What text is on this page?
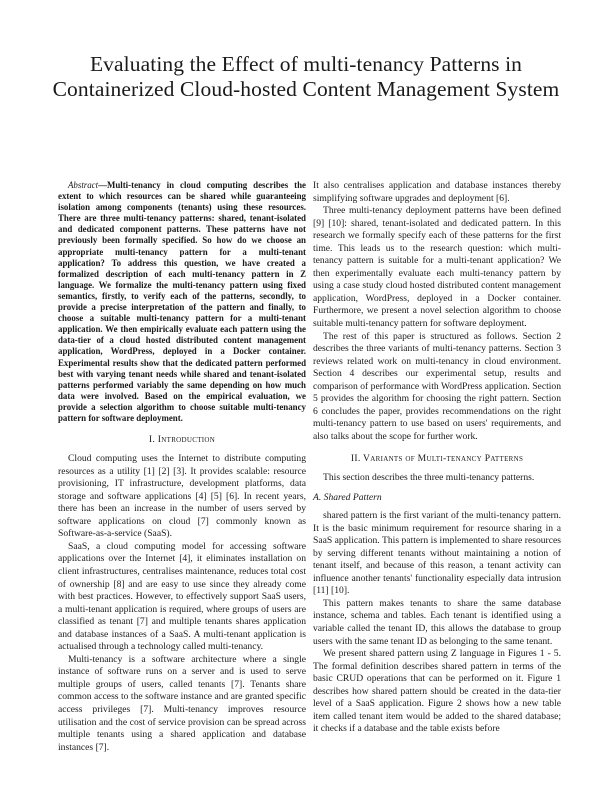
Evaluating the Effect of multi-tenancy Patterns in Containerized Cloud-hosted Content Management System

Abstract—Multi-tenancy in cloud computing describes the extent to which resources can be shared while guaranteeing isolation among components (tenants) using these resources. There are three multi-tenancy patterns: shared, tenant-isolated and dedicated component patterns. These patterns have not previously been formally specified. So how do we choose an appropriate multi-tenancy pattern for a multi-tenant application? To address this question, we have created a formalized description of each multi-tenancy pattern in Z language. We formalize the multi-tenancy pattern using fixed semantics, firstly, to verify each of the patterns, secondly, to provide a precise interpretation of the pattern and finally, to choose a suitable multi-tenancy pattern for a multi-tenant application. We then empirically evaluate each pattern using the data-tier of a cloud hosted distributed content management application, WordPress, deployed in a Docker container. Experimental results show that the dedicated pattern performed best with varying tenant needs while shared and tenant-isolated patterns performed variably the same depending on how much data were involved. Based on the empirical evaluation, we provide a selection algorithm to choose suitable multi-tenancy pattern for software deployment.

I. Introduction

Cloud computing uses the Internet to distribute computing resources as a utility [1] [2] [3]. It provides scalable: resource provisioning, IT infrastructure, development platforms, data storage and software applications [4] [5] [6]. In recent years, there has been an increase in the number of users served by software applications on cloud [7] commonly known as Software-as-a-service (SaaS).

SaaS, a cloud computing model for accessing software applications over the Internet [4], it eliminates installation on client infrastructures, centralises maintenance, reduces total cost of ownership [8] and are easy to use since they already come with best practices. However, to effectively support SaaS users, a multi-tenant application is required, where groups of users are classified as tenant [7] and multiple tenants shares application and database instances of a SaaS. A multi-tenant application is actualised through a technology called multi-tenancy.

Multi-tenancy is a software architecture where a single instance of software runs on a server and is used to serve multiple groups of users, called tenants [7]. Tenants share common access to the software instance and are granted specific access privileges [7]. Multi-tenancy improves resource utilisation and the cost of service provision can be spread across multiple tenants using a shared application and database instances [7].

It also centralises application and database instances thereby simplifying software upgrades and deployment [6].

Three multi-tenancy deployment patterns have been defined [9] [10]: shared, tenant-isolated and dedicated pattern. In this research we formally specify each of these patterns for the first time. This leads us to the research question: which multi-tenancy pattern is suitable for a multi-tenant application? We then experimentally evaluate each multi-tenancy pattern by using a case study cloud hosted distributed content management application, WordPress, deployed in a Docker container. Furthermore, we present a novel selection algorithm to choose suitable multi-tenancy pattern for software deployment.

The rest of this paper is structured as follows. Section 2 describes the three variants of multi-tenancy patterns. Section 3 reviews related work on multi-tenancy in cloud environment. Section 4 describes our experimental setup, results and comparison of performance with WordPress application. Section 5 provides the algorithm for choosing the right pattern. Section 6 concludes the paper, provides recommendations on the right multi-tenancy pattern to use based on users' requirements, and also talks about the scope for further work.

II. Variants of Multi-tenancy Patterns

This section describes the three multi-tenancy patterns.

A. Shared Pattern

shared pattern is the first variant of the multi-tenancy pattern. It is the basic minimum requirement for resource sharing in a SaaS application. This pattern is implemented to share resources by serving different tenants without maintaining a notion of tenant itself, and because of this reason, a tenant activity can influence another tenants' functionality especially data intrusion [11] [10].

This pattern makes tenants to share the same database instance, schema and tables. Each tenant is identified using a variable called the tenant ID, this allows the database to group users with the same tenant ID as belonging to the same tenant.

We present shared pattern using Z language in Figures 1 - 5. The formal definition describes shared pattern in terms of the basic CRUD operations that can be performed on it. Figure 1 describes how shared pattern should be created in the data-tier level of a SaaS application. Figure 2 shows how a new table item called tenant item would be added to the shared database; it checks if a database and the table exists before
